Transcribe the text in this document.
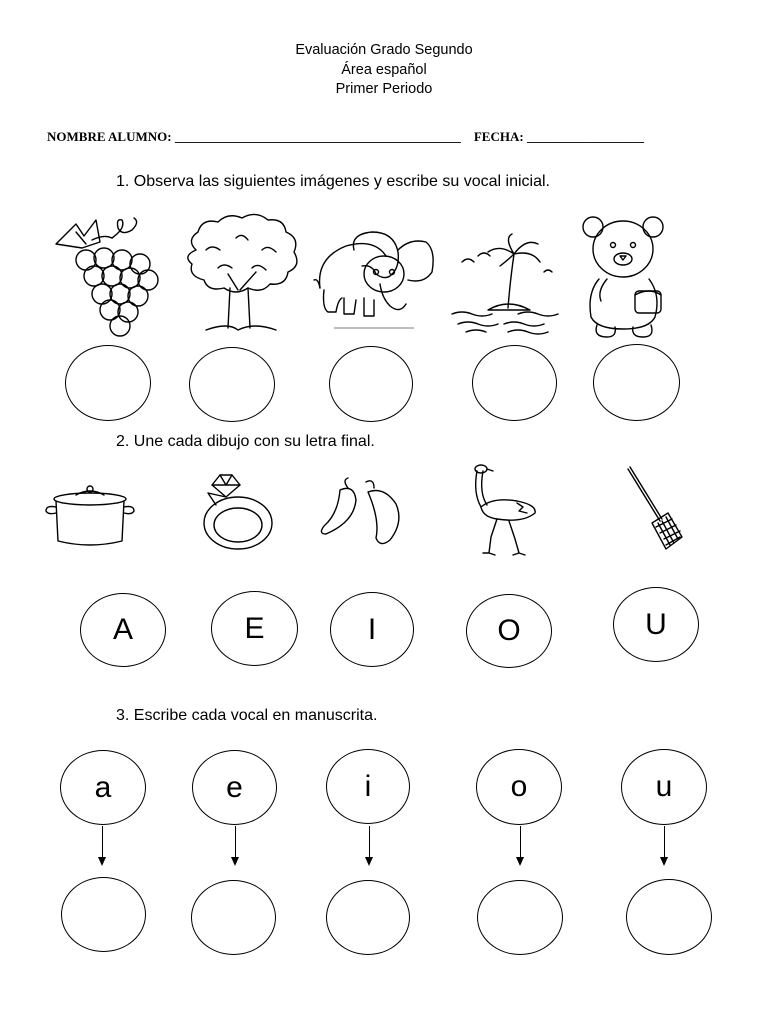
Evaluación Grado Segundo
Área español
Primer Periodo
NOMBRE ALUMNO: ____________________________________________ FECHA: __________________
1. Observa las siguientes imágenes y escribe su vocal inicial.
2. Une cada dibujo con su letra final.
A	E	I	O	U
3. Escribe cada vocal en manuscrita.
a	e	i	o	u
